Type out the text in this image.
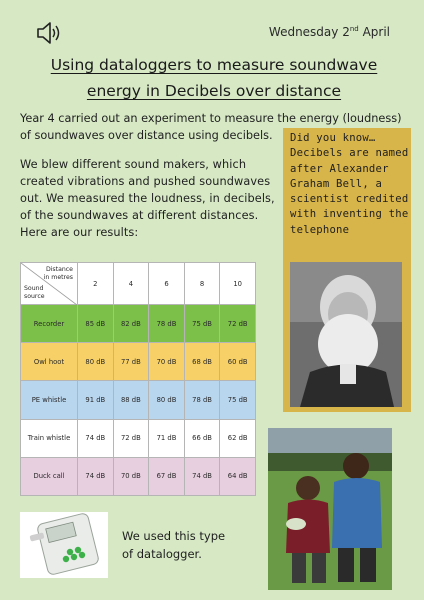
Wednesday 2nd April
Using dataloggers to measure soundwave
energy in Decibels over distance
Year 4 carried out an experiment to measure the energy (loudness)
of soundwaves over distance using decibels.
We blew different sound makers, which created vibrations and pushed soundwaves out. We measured the loudness, in decibels, of the soundwaves at different distances. Here are our results:
Did you know… Decibels are named after Alexander Graham Bell, a scientist credited with inventing the telephone
Distance in metres
Sound source	2	4	6	8	10
Recorder	85 dB	82 dB	78 dB	75 dB	72 dB
Owl hoot	80 dB	77 dB	70 dB	68 dB	60 dB
PE whistle	91 dB	88 dB	80 dB	78 dB	75 dB
Train whistle	74 dB	72 dB	71 dB	66 dB	62 dB
Duck call	74 dB	70 dB	67 dB	74 dB	64 dB
We used this type
of datalogger.
